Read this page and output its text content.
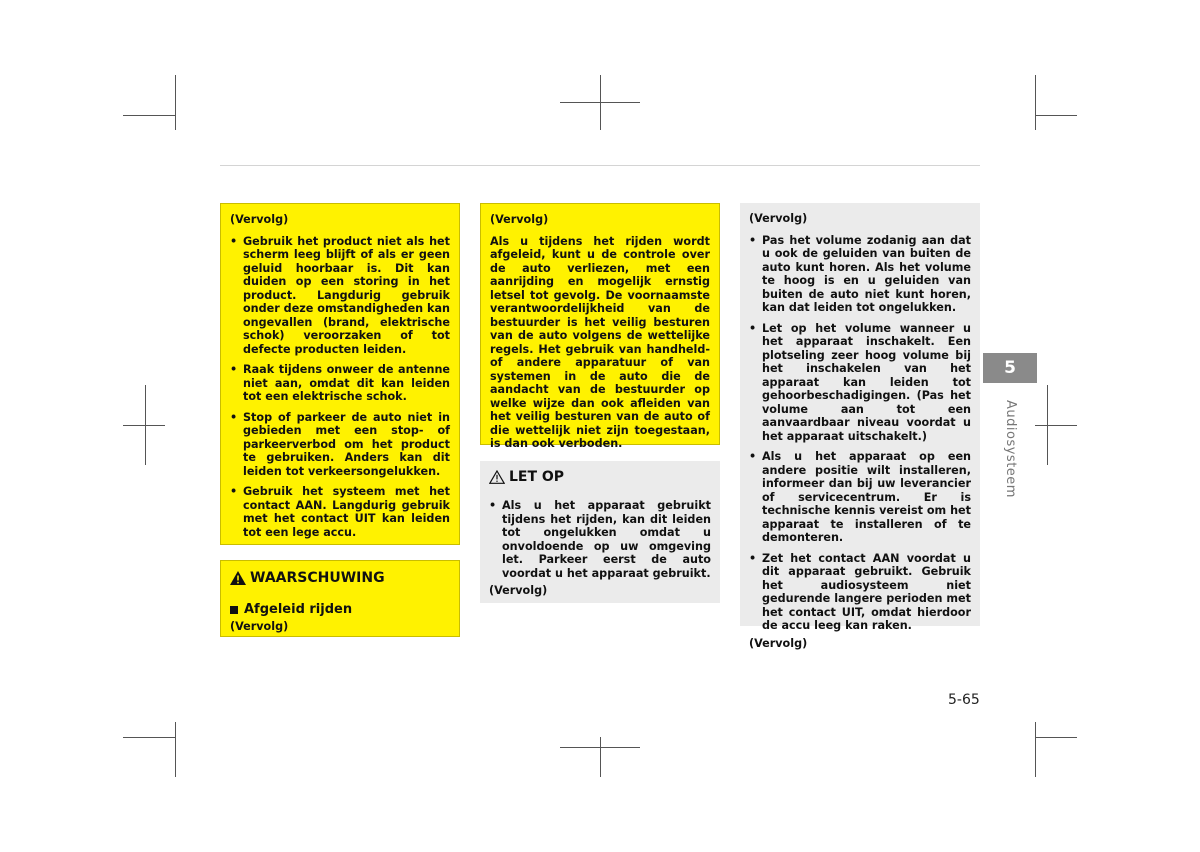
(Vervolg)
• Gebruik het product niet als het scherm leeg blijft of als er geen geluid hoorbaar is. Dit kan duiden op een storing in het product. Langdurig gebruik onder deze omstandigheden kan ongevallen (brand, elektrische schok) veroorzaken of tot defecte producten leiden.
• Raak tijdens onweer de antenne niet aan, omdat dit kan leiden tot een elektrische schok.
• Stop of parkeer de auto niet in gebieden met een stop- of parkeerverbod om het product te gebruiken. Anders kan dit leiden tot verkeersongelukken.
• Gebruik het systeem met het contact AAN. Langdurig gebruik met het contact UIT kan leiden tot een lege accu.
WAARSCHUWING
Afgeleid rijden
(Vervolg)
(Vervolg)
Als u tijdens het rijden wordt afgeleid, kunt u de controle over de auto verliezen, met een aanrijding en mogelijk ernstig letsel tot gevolg. De voornaamste verantwoordelijkheid van de bestuurder is het veilig besturen van de auto volgens de wettelijke regels. Het gebruik van handheld- of andere apparatuur of van systemen in de auto die de aandacht van de bestuurder op welke wijze dan ook afleiden van het veilig besturen van de auto of die wettelijk niet zijn toegestaan, is dan ook verboden.
LET OP
• Als u het apparaat gebruikt tijdens het rijden, kan dit leiden tot ongelukken omdat u onvoldoende op uw omgeving let. Parkeer eerst de auto voordat u het apparaat gebruikt.
(Vervolg)
(Vervolg)
• Pas het volume zodanig aan dat u ook de geluiden van buiten de auto kunt horen. Als het volume te hoog is en u geluiden van buiten de auto niet kunt horen, kan dat leiden tot ongelukken.
• Let op het volume wanneer u het apparaat inschakelt. Een plotseling zeer hoog volume bij het inschakelen van het apparaat kan leiden tot gehoorbeschadigingen. (Pas het volume aan tot een aanvaardbaar niveau voordat u het apparaat uitschakelt.)
• Als u het apparaat op een andere positie wilt installeren, informeer dan bij uw leverancier of servicecentrum. Er is technische kennis vereist om het apparaat te installeren of te demonteren.
• Zet het contact AAN voordat u dit apparaat gebruikt. Gebruik het audiosysteem niet gedurende langere perioden met het contact UIT, omdat hierdoor de accu leeg kan raken.
(Vervolg)
5
Audiosysteem
5-65
